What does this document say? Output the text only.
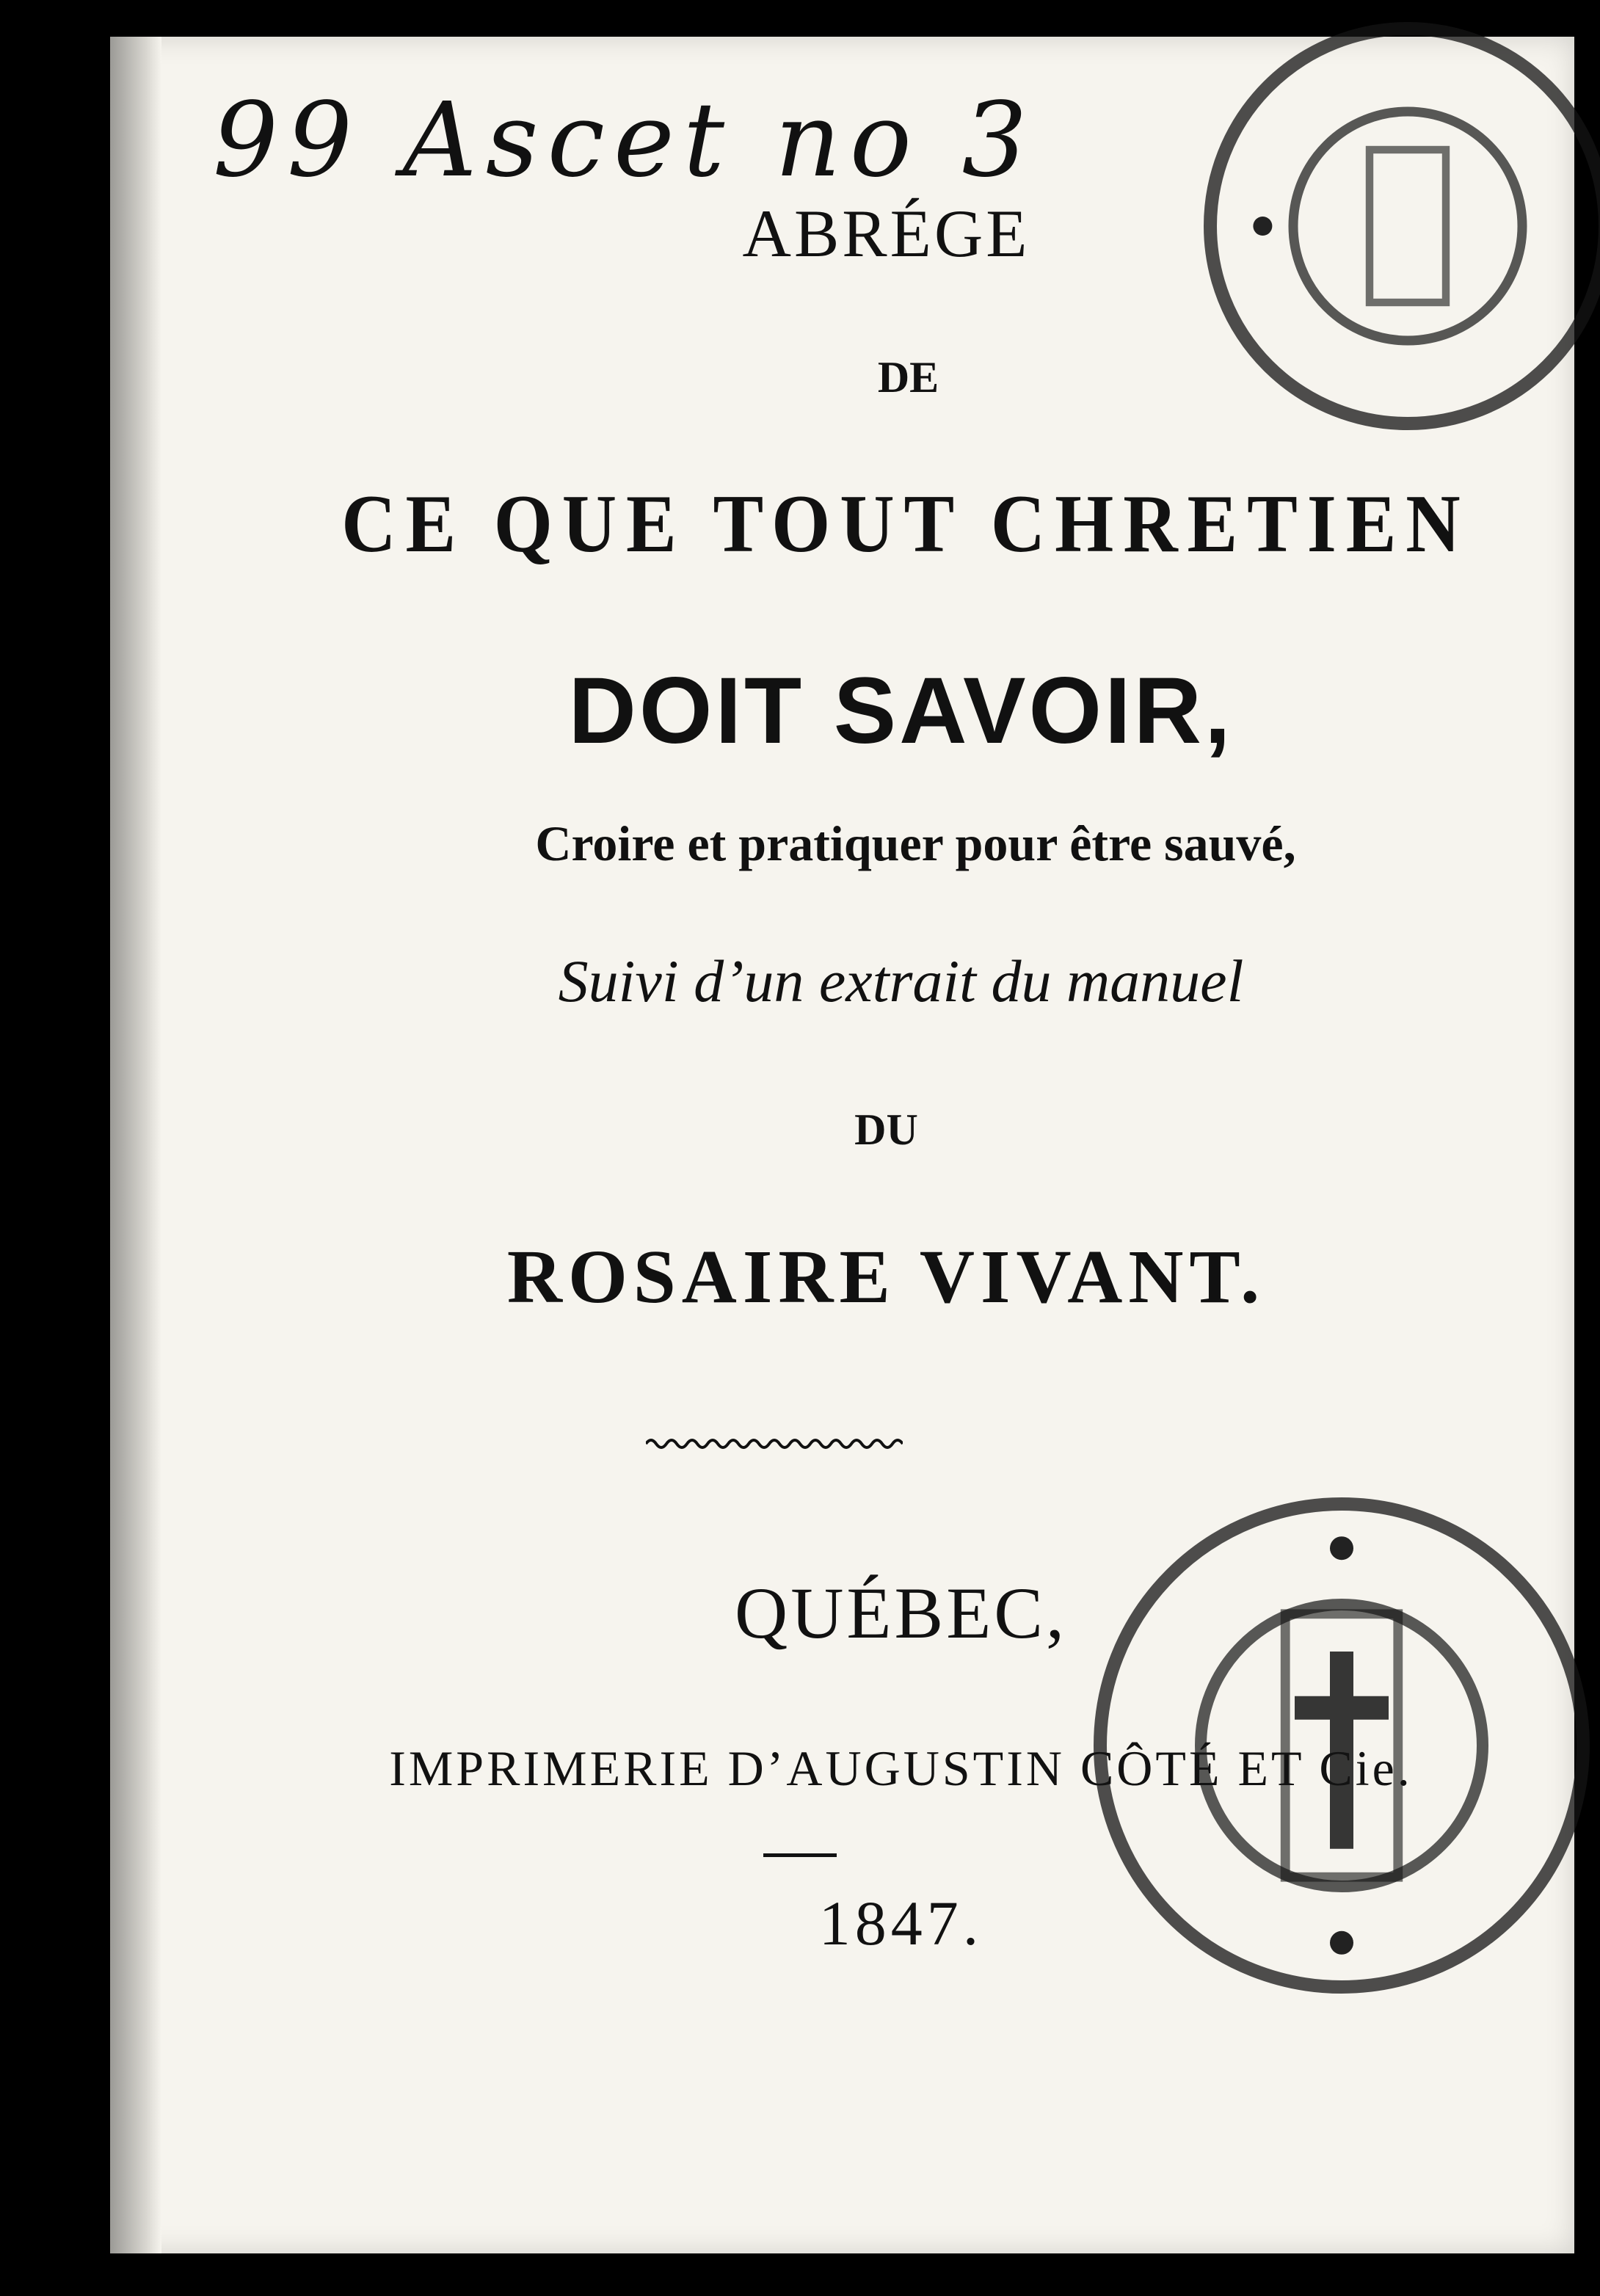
99 Ascet no 3
ABRÉGE
DE
CE QUE TOUT CHRETIEN
DOIT SAVOIR,
Croire et pratiquer pour être sauvé,
Suivi d’un extrait du manuel
DU
ROSAIRE VIVANT.
QUÉBEC,
IMPRIMERIE D’AUGUSTIN CÔTÉ ET Cie.
1847.
